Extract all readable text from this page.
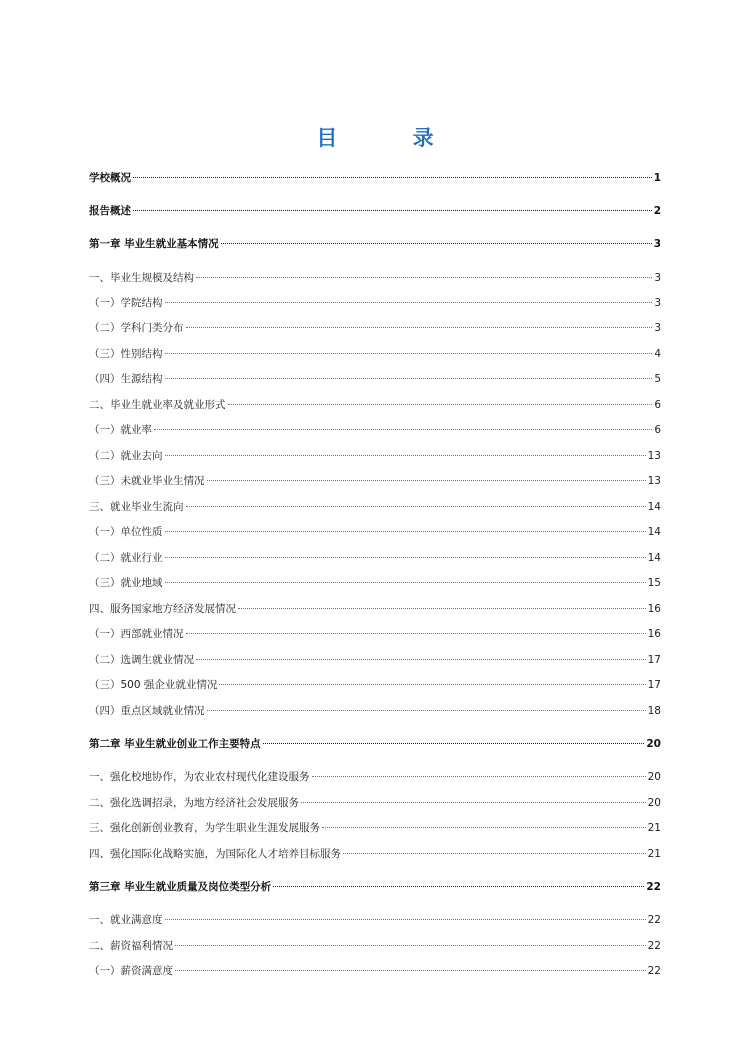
目 录
学校概况	1
报告概述	2
第一章 毕业生就业基本情况	3
一、毕业生规模及结构	3
（一）学院结构	3
（二）学科门类分布	3
（三）性别结构	4
（四）生源结构	5
二、毕业生就业率及就业形式	6
（一）就业率	6
（二）就业去向	13
（三）未就业毕业生情况	13
三、就业毕业生流向	14
（一）单位性质	14
（二）就业行业	14
（三）就业地域	15
四、服务国家地方经济发展情况	16
（一）西部就业情况	16
（二）选调生就业情况	17
（三）500 强企业就业情况	17
（四）重点区域就业情况	18
第二章 毕业生就业创业工作主要特点	20
一、强化校地协作，为农业农村现代化建设服务	20
二、强化选调招录，为地方经济社会发展服务	20
三、强化创新创业教育，为学生职业生涯发展服务	21
四、强化国际化战略实施，为国际化人才培养目标服务	21
第三章 毕业生就业质量及岗位类型分析	22
一、就业满意度	22
二、薪资福利情况	22
（一）薪资满意度	22
